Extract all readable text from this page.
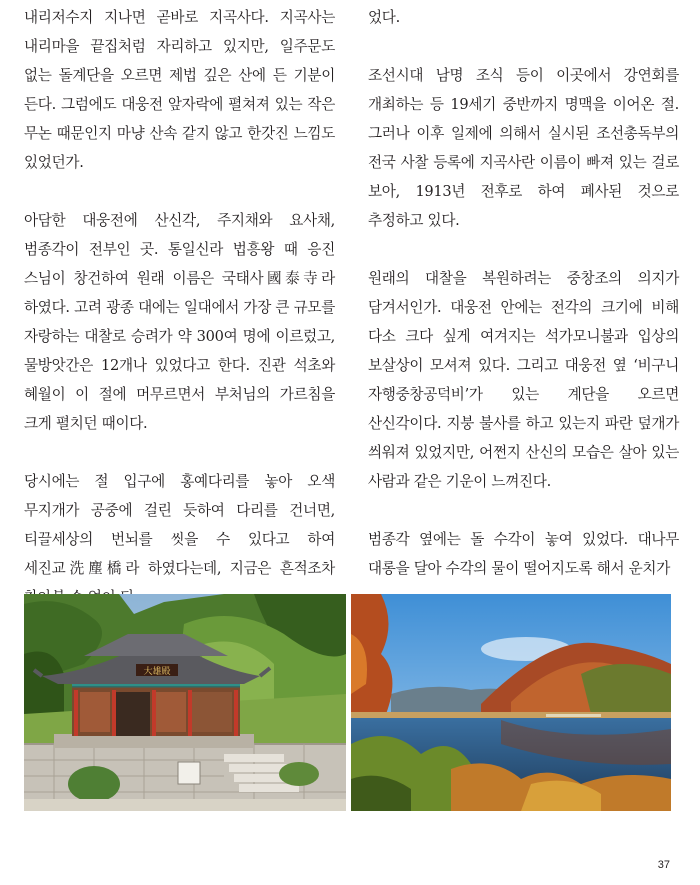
내리저수지 지나면 곧바로 지곡사다. 지곡사는 내리마을 끝집처럼 자리하고 있지만, 일주문도 없는 돌계단을 오르면 제법 깊은 산에 든 기분이 든다. 그럼에도 대웅전 앞자락에 펼쳐져 있는 작은 무논 때문인지 마냥 산속 같지 않고 한갓진 느낌도 있었던가.

아담한 대웅전에 산신각, 주지채와 요사채, 범종각이 전부인 곳. 통일신라 법흥왕 때 응진 스님이 창건하여 원래 이름은 국태사國泰寺라 하였다. 고려 광종 대에는 일대에서 가장 큰 규모를 자랑하는 대찰로 승려가 약 300여 명에 이르렀고, 물방앗간은 12개나 있었다고 한다. 진관 석초와 혜월이 이 절에 머무르면서 부처님의 가르침을 크게 펼치던 때이다.

당시에는 절 입구에 홍예다리를 놓아 오색 무지개가 공중에 걸린 듯하여 다리를 건너면, 티끌세상의 번뇌를 씻을 수 있다고 하여 세진교洗塵橋라 하였다는데, 지금은 흔적조차

었다.

조선시대 남명 조식 등이 이곳에서 강연회를 개최하는 등 19세기 중반까지 명맥을 이어온 절. 그러나 이후 일제에 의해서 실시된 조선총독부의 전국 사찰 등록에 지곡사란 이름이 빠져 있는 걸로 보아, 1913년 전후로 하여 폐사된 것으로 추정하고 있다.

원래의 대찰을 복원하려는 중창조의 의지가 담겨서인가. 대웅전 안에는 전각의 크기에 비해 다소 크다 싶게 여겨지는 석가모니불과 입상의 보살상이 모셔져 있다. 그리고 대웅전 옆 ‘비구니 자행중창공덕비’가 있는 계단을 오르면 산신각이다. 지붕 불사를 하고 있는지 파란 덮개가 씌워져 있었지만, 어쩐지 산신의 모습은 살아 있는 사람과 같은 기운이 느껴진다.

범종각 옆에는 돌 수각이 놓여 있었다. 대나무 대롱을 달아 수각의 물이 떨어지도록 해서 운치가

大雄殿
37
